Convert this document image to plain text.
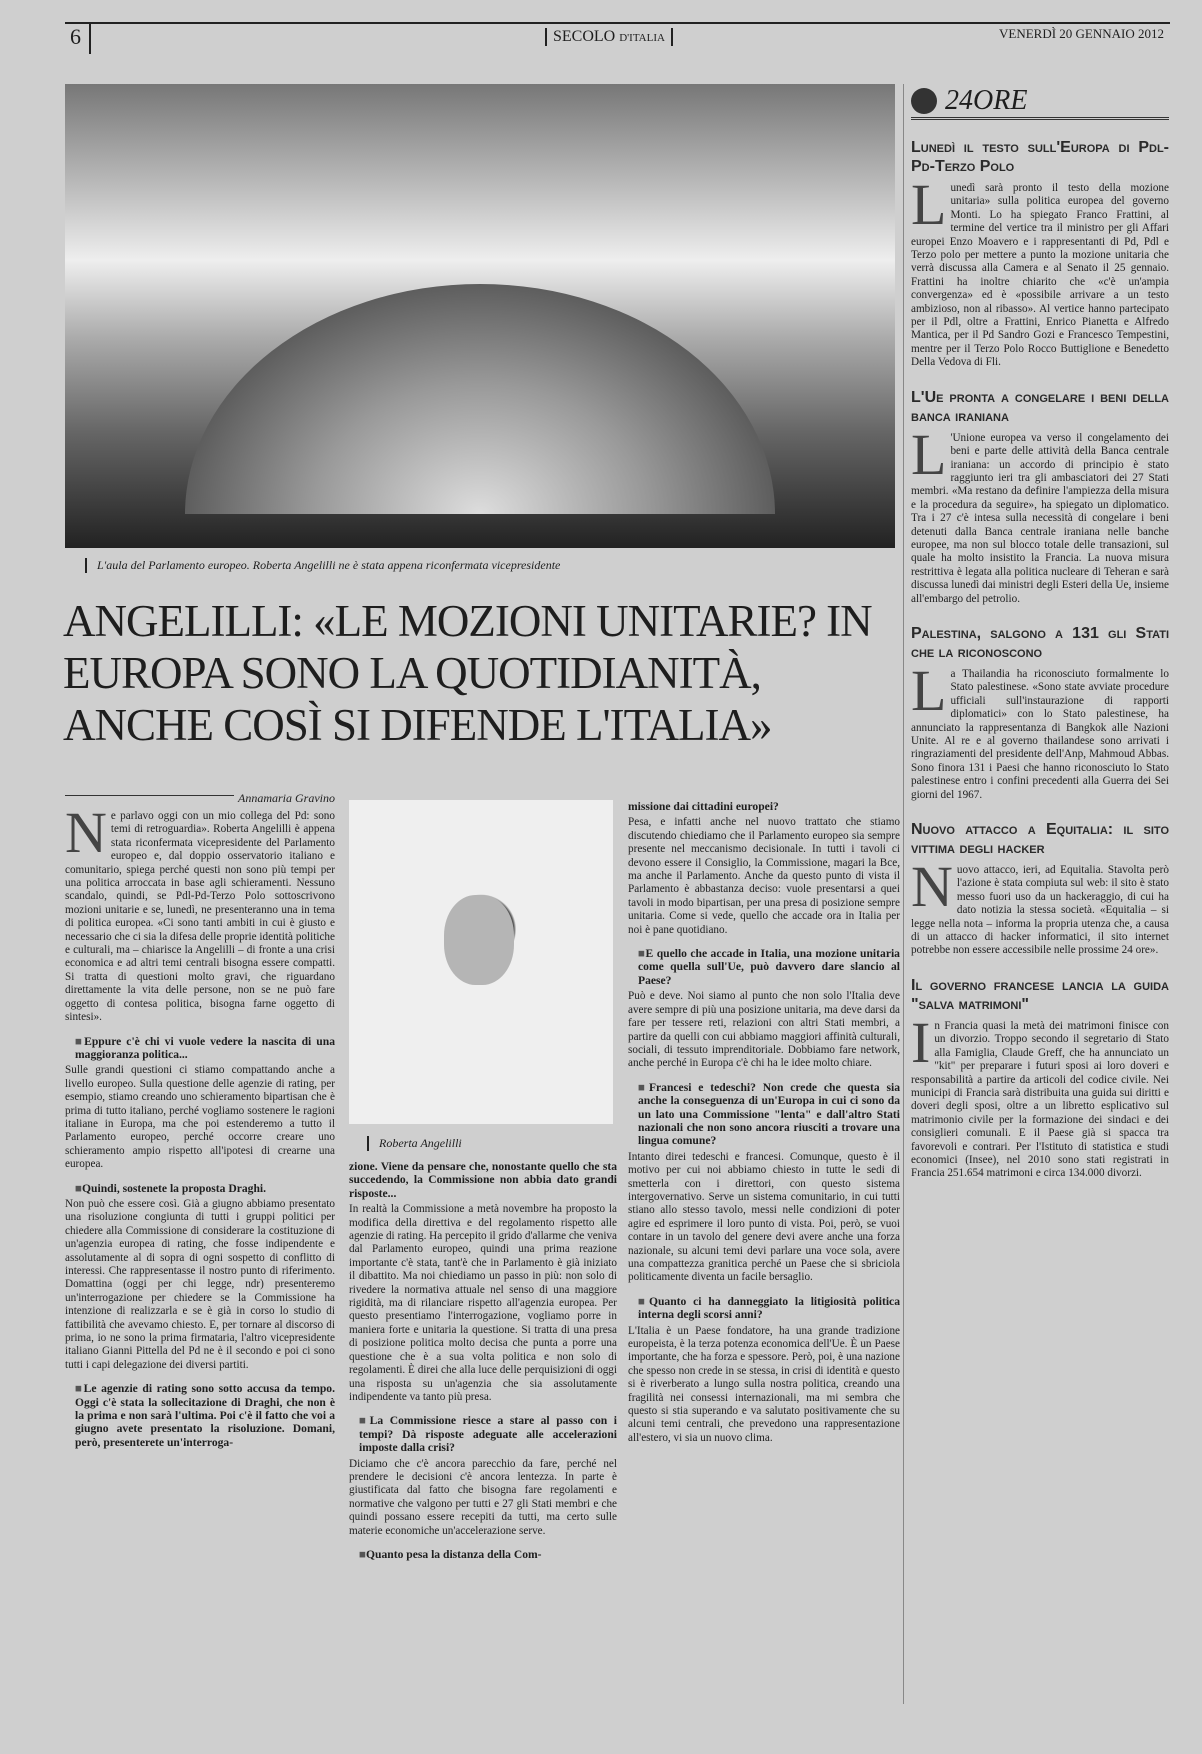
6	SECOLO D'ITALIA	VENERDÌ 20 GENNAIO 2012
L'aula del Parlamento europeo. Roberta Angelilli ne è stata appena riconfermata vicepresidente
ANGELILLI: «LE MOZIONI UNITARIE? IN EUROPA SONO LA QUOTIDIANITÀ, ANCHE COSÌ SI DIFENDE L'ITALIA»
Annamaria Gravino

Ne parlavo oggi con un mio collega del Pd: sono temi di retroguardia». Roberta Angelilli è appena stata riconfermata vicepresidente del Parlamento europeo e, dal doppio osservatorio italiano e comunitario, spiega perché questi non sono più tempi per una politica arroccata in base agli schieramenti. Nessuno scandalo, quindi, se Pdl-Pd-Terzo Polo sottoscrivono mozioni unitarie e se, lunedì, ne presenteranno una in tema di politica europea. «Ci sono tanti ambiti in cui è giusto e necessario che ci sia la difesa delle proprie identità politiche e culturali, ma – chiarisce la Angelilli – di fronte a una crisi economica e ad altri temi centrali bisogna essere compatti. Si tratta di questioni molto gravi, che riguardano direttamente la vita delle persone, non se ne può fare oggetto di contesa politica, bisogna farne oggetto di sintesi».

■ Eppure c'è chi vi vuole vedere la nascita di una maggioranza politica...

Sulle grandi questioni ci stiamo compattando anche a livello europeo. Sulla questione delle agenzie di rating, per esempio, stiamo creando uno schieramento bipartisan che è prima di tutto italiano, perché vogliamo sostenere le ragioni italiane in Europa, ma che poi estenderemo a tutto il Parlamento europeo, perché occorre creare uno schieramento ampio rispetto all'ipotesi di crearne una europea.

■ Quindi, sostenete la proposta Draghi.

Non può che essere così. Già a giugno abbiamo presentato una risoluzione congiunta di tutti i gruppi politici per chiedere alla Commissione di considerare la costituzione di un'agenzia europea di rating, che fosse indipendente e assolutamente al di sopra di ogni sospetto di conflitto di interessi. Che rappresentasse il nostro punto di riferimento. Domattina (oggi per chi legge, ndr) presenteremo un'interrogazione per chiedere se la Commissione ha intenzione di realizzarla e se è già in corso lo studio di fattibilità che avevamo chiesto. E, per tornare al discorso di prima, io ne sono la prima firmataria, l'altro vicepresidente italiano Gianni Pittella del Pd ne è il secondo e poi ci sono tutti i capi delegazione dei diversi partiti.

■ Le agenzie di rating sono sotto accusa da tempo. Oggi c'è stata la sollecitazione di Draghi, che non è la prima e non sarà l'ultima. Poi c'è il fatto che voi a giugno avete presentato la risoluzione. Domani, però, presenterete un'interroga-
Roberta Angelilli
zione. Viene da pensare che, nonostante quello che sta succedendo, la Commissione non abbia dato grandi risposte...

In realtà la Commissione a metà novembre ha proposto la modifica della direttiva e del regolamento rispetto alle agenzie di rating. Ha percepito il grido d'allarme che veniva dal Parlamento europeo, quindi una prima reazione importante c'è stata, tant'è che in Parlamento è già iniziato il dibattito. Ma noi chiediamo un passo in più: non solo di rivedere la normativa attuale nel senso di una maggiore rigidità, ma di rilanciare rispetto all'agenzia europea. Per questo presentiamo l'interrogazione, vogliamo porre in maniera forte e unitaria la questione. Si tratta di una presa di posizione politica molto decisa che punta a porre una questione che è a sua volta politica e non solo di regolamenti. È direi che alla luce delle perquisizioni di oggi una risposta su un'agenzia che sia assolutamente indipendente va tanto più presa.

■ La Commissione riesce a stare al passo con i tempi? Dà risposte adeguate alle accelerazioni imposte dalla crisi?

Diciamo che c'è ancora parecchio da fare, perché nel prendere le decisioni c'è ancora lentezza. In parte è giustificata dal fatto che bisogna fare regolamenti e normative che valgono per tutti e 27 gli Stati membri e che quindi possano essere recepiti da tutti, ma certo sulle materie economiche un'accelerazione serve.

■ Quanto pesa la distanza della Com-
missione dai cittadini europei?

Pesa, e infatti anche nel nuovo trattato che stiamo discutendo chiediamo che il Parlamento europeo sia sempre presente nel meccanismo decisionale. In tutti i tavoli ci devono essere il Consiglio, la Commissione, magari la Bce, ma anche il Parlamento. Anche da questo punto di vista il Parlamento è abbastanza deciso: vuole presentarsi a quei tavoli in modo bipartisan, per una presa di posizione sempre unitaria. Come si vede, quello che accade ora in Italia per noi è pane quotidiano.

■ E quello che accade in Italia, una mozione unitaria come quella sull'Ue, può davvero dare slancio al Paese?

Può e deve. Noi siamo al punto che non solo l'Italia deve avere sempre di più una posizione unitaria, ma deve darsi da fare per tessere reti, relazioni con altri Stati membri, a partire da quelli con cui abbiamo maggiori affinità culturali, sociali, di tessuto imprenditoriale. Dobbiamo fare network, anche perché in Europa c'è chi ha le idee molto chiare.

■ Francesi e tedeschi? Non crede che questa sia anche la conseguenza di un'Europa in cui ci sono da un lato una Commissione "lenta" e dall'altro Stati nazionali che non sono ancora riusciti a trovare una lingua comune?

Intanto direi tedeschi e francesi. Comunque, questo è il motivo per cui noi abbiamo chiesto in tutte le sedi di smetterla con i direttori, con questo sistema intergovernativo. Serve un sistema comunitario, in cui tutti stiano allo stesso tavolo, messi nelle condizioni di poter agire ed esprimere il loro punto di vista. Poi, però, se vuoi contare in un tavolo del genere devi avere anche una forza nazionale, su alcuni temi devi parlare una voce sola, avere una compattezza granitica perché un Paese che si sbriciola politicamente diventa un facile bersaglio.

■ Quanto ci ha danneggiato la litigiosità politica interna degli scorsi anni?

L'Italia è un Paese fondatore, ha una grande tradizione europeista, è la terza potenza economica dell'Ue. È un Paese importante, che ha forza e spessore. Però, poi, è una nazione che spesso non crede in se stessa, in crisi di identità e questo si è riverberato a lungo sulla nostra politica, creando una fragilità nei consessi internazionali, ma mi sembra che questo si stia superando e va salutato positivamente che su alcuni temi centrali, che prevedono una rappresentazione all'estero, vi sia un nuovo clima.

24ORE
Lunedì il testo sull'Europa di Pdl-Pd-Terzo Polo

Lunedì sarà pronto il testo della mozione unitaria» sulla politica europea del governo Monti. Lo ha spiegato Franco Frattini, al termine del vertice tra il ministro per gli Affari europei Enzo Moavero e i rappresentanti di Pd, Pdl e Terzo polo per mettere a punto la mozione unitaria che verrà discussa alla Camera e al Senato il 25 gennaio. Frattini ha inoltre chiarito che «c'è un'ampia convergenza» ed è «possibile arrivare a un testo ambizioso, non al ribasso». Al vertice hanno partecipato per il Pdl, oltre a Frattini, Enrico Pianetta e Alfredo Mantica, per il Pd Sandro Gozi e Francesco Tempestini, mentre per il Terzo Polo Rocco Buttiglione e Benedetto Della Vedova di Fli.

L'Ue pronta a congelare i beni della banca iraniana

L 'Unione europea va verso il congelamento dei beni e parte delle attività della Banca centrale iraniana: un accordo di principio è stato raggiunto ieri tra gli ambasciatori dei 27 Stati membri. «Ma restano da definire l'ampiezza della misura e la procedura da seguire», ha spiegato un diplomatico. Tra i 27 c'è intesa sulla necessità di congelare i beni detenuti dalla Banca centrale iraniana nelle banche europee, ma non sul blocco totale delle transazioni, sul quale ha molto insistito la Francia. La nuova misura restrittiva è legata alla politica nucleare di Teheran e sarà discussa lunedì dai ministri degli Esteri della Ue, insieme all'embargo del petrolio.

Palestina, salgono a 131 gli Stati che la riconoscono

La Thailandia ha riconosciuto formalmente lo Stato palestinese. «Sono state avviate procedure ufficiali sull'instaurazione di rapporti diplomatici» con lo Stato palestinese, ha annunciato la rappresentanza di Bangkok alle Nazioni Unite. Al re e al governo thailandese sono arrivati i ringraziamenti del presidente dell'Anp, Mahmoud Abbas. Sono finora 131 i Paesi che hanno riconosciuto lo Stato palestinese entro i confini precedenti alla Guerra dei Sei giorni del 1967.

Nuovo attacco a Equitalia: il sito vittima degli hacker

Nuovo attacco, ieri, ad Equitalia. Stavolta però l'azione è stata compiuta sul web: il sito è stato messo fuori uso da un hackeraggio, di cui ha dato notizia la stessa società. «Equitalia – si legge nella nota – informa la propria utenza che, a causa di un attacco di hacker informatici, il sito internet potrebbe non essere accessibile nelle prossime 24 ore».

Il governo francese lancia la guida "salva matrimoni"

In Francia quasi la metà dei matrimoni finisce con un divorzio. Troppo secondo il segretario di Stato alla Famiglia, Claude Greff, che ha annunciato un "kit" per preparare i futuri sposi ai loro doveri e responsabilità a partire da articoli del codice civile. Nei municipi di Francia sarà distribuita una guida sui diritti e doveri degli sposi, oltre a un libretto esplicativo sul matrimonio civile per la formazione dei sindaci e dei consiglieri comunali. E il Paese già si spacca tra favorevoli e contrari. Per l'Istituto di statistica e studi economici (Insee), nel 2010 sono stati registrati in Francia 251.654 matrimoni e circa 134.000 divorzi.
